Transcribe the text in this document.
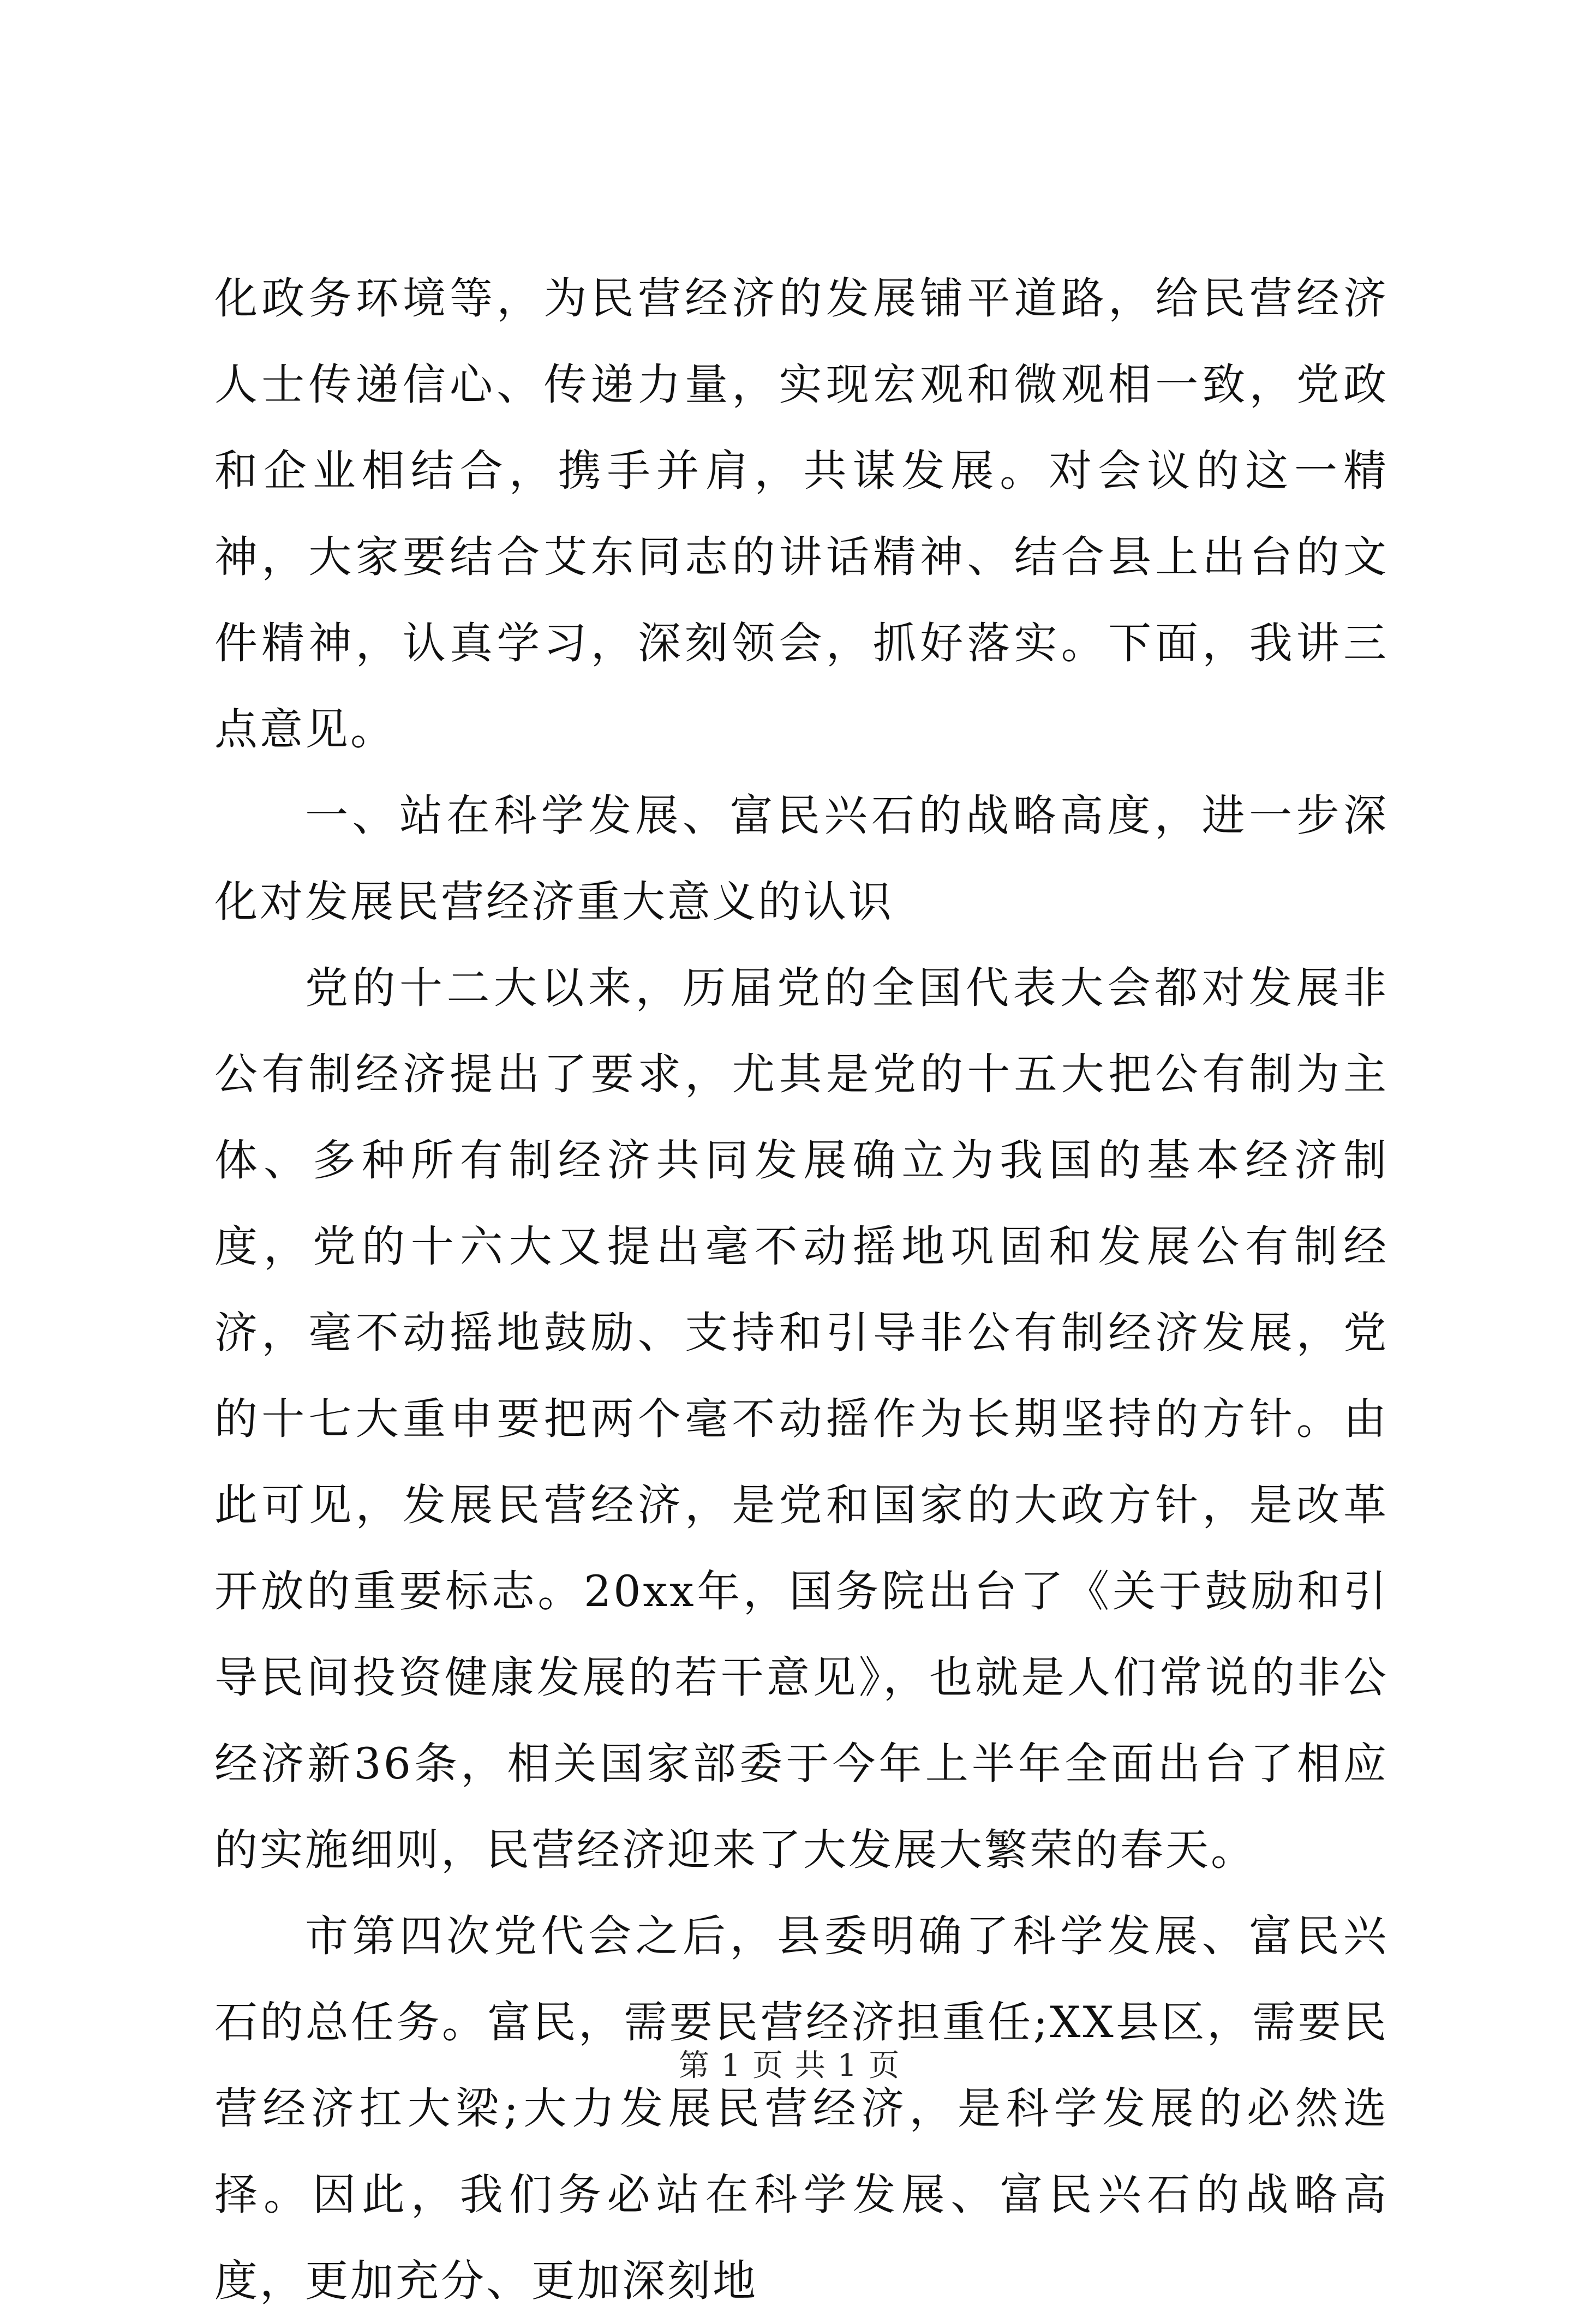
化政务环境等，为民营经济的发展铺平道路，给民营经济人士传递信心、传递力量，实现宏观和微观相一致，党政和企业相结合，携手并肩，共谋发展。对会议的这一精神，大家要结合艾东同志的讲话精神、结合县上出台的文件精神，认真学习，深刻领会，抓好落实。下面，我讲三点意见。

一、站在科学发展、富民兴石的战略高度，进一步深化对发展民营经济重大意义的认识

党的十二大以来，历届党的全国代表大会都对发展非公有制经济提出了要求，尤其是党的十五大把公有制为主体、多种所有制经济共同发展确立为我国的基本经济制度，党的十六大又提出毫不动摇地巩固和发展公有制经济，毫不动摇地鼓励、支持和引导非公有制经济发展，党的十七大重申要把两个毫不动摇作为长期坚持的方针。由此可见，发展民营经济，是党和国家的大政方针，是改革开放的重要标志。20xx年，国务院出台了《关于鼓励和引导民间投资健康发展的若干意见》，也就是人们常说的非公经济新36条，相关国家部委于今年上半年全面出台了相应的实施细则，民营经济迎来了大发展大繁荣的春天。

市第四次党代会之后，县委明确了科学发展、富民兴石的总任务。富民，需要民营经济担重任;XX县区，需要民营经济扛大梁;大力发展民营经济，是科学发展的必然选择。因此，我们务必站在科学发展、富民兴石的战略高度，更加充分、更加深刻地

第 1 页 共 1 页
